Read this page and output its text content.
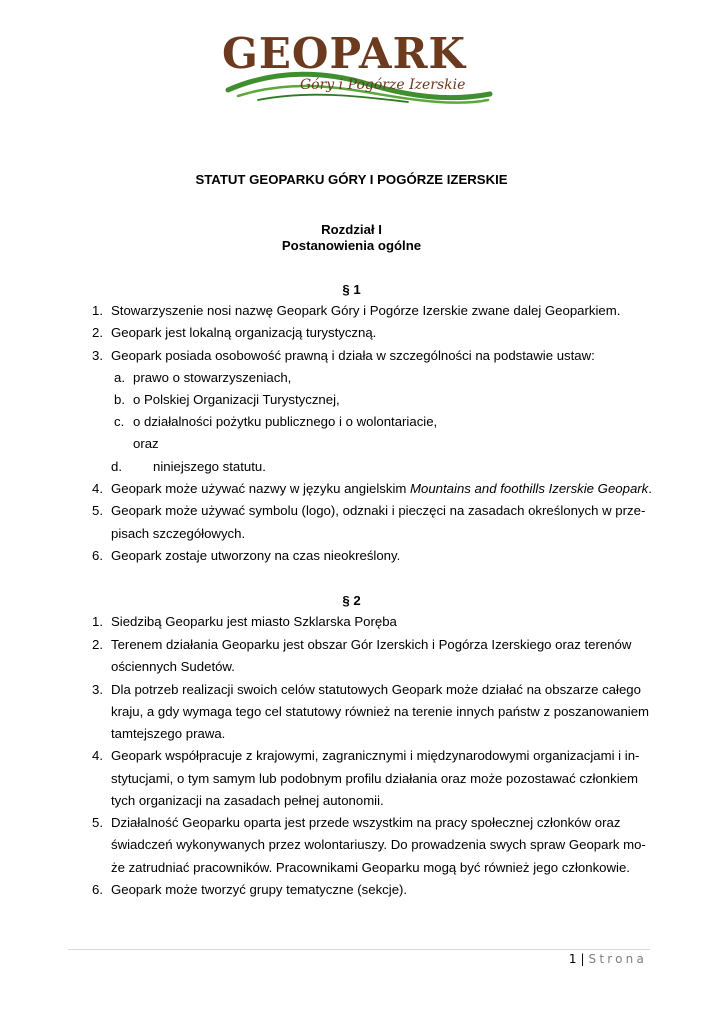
GEOPARK
Góry i Pogórze Izerskie
STATUT GEOPARKU GÓRY I POGÓRZE IZERSKIE
Rozdział I
Postanowienia ogólne
§ 1
1. Stowarzyszenie nosi nazwę Geopark Góry i Pogórze Izerskie zwane dalej Geoparkiem.
2. Geopark jest lokalną organizacją turystyczną.
3. Geopark posiada osobowość prawną i działa w szczególności na podstawie ustaw:
a. prawo o stowarzyszeniach,
b. o Polskiej Organizacji Turystycznej,
c. o działalności pożytku publicznego i o wolontariacie,
oraz
d. niniejszego statutu.
4. Geopark może używać nazwy w języku angielskim Mountains and foothills Izerskie Geopark.
5. Geopark może używać symbolu (logo), odznaki i pieczęci na zasadach określonych w prze-
pisach szczegółowych.
6. Geopark zostaje utworzony na czas nieokreślony.
§ 2
1. Siedzibą Geoparku jest miasto Szklarska Poręba
2. Terenem działania Geoparku jest obszar Gór Izerskich i Pogórza Izerskiego oraz terenów
ościennych Sudetów.
3. Dla potrzeb realizacji swoich celów statutowych Geopark może działać na obszarze całego
kraju, a gdy wymaga tego cel statutowy również na terenie innych państw z poszanowaniem
tamtejszego prawa.
4. Geopark współpracuje z krajowymi, zagranicznymi i międzynarodowymi organizacjami i in-
stytucjami, o tym samym lub podobnym profilu działania oraz może pozostawać członkiem
tych organizacji na zasadach pełnej autonomii.
5. Działalność Geoparku oparta jest przede wszystkim na pracy społecznej członków oraz
świadczeń wykonywanych przez wolontariuszy. Do prowadzenia swych spraw Geopark mo-
że zatrudniać pracowników. Pracownikami Geoparku mogą być również jego członkowie.
6. Geopark może tworzyć grupy tematyczne (sekcje).
1 | Strona
